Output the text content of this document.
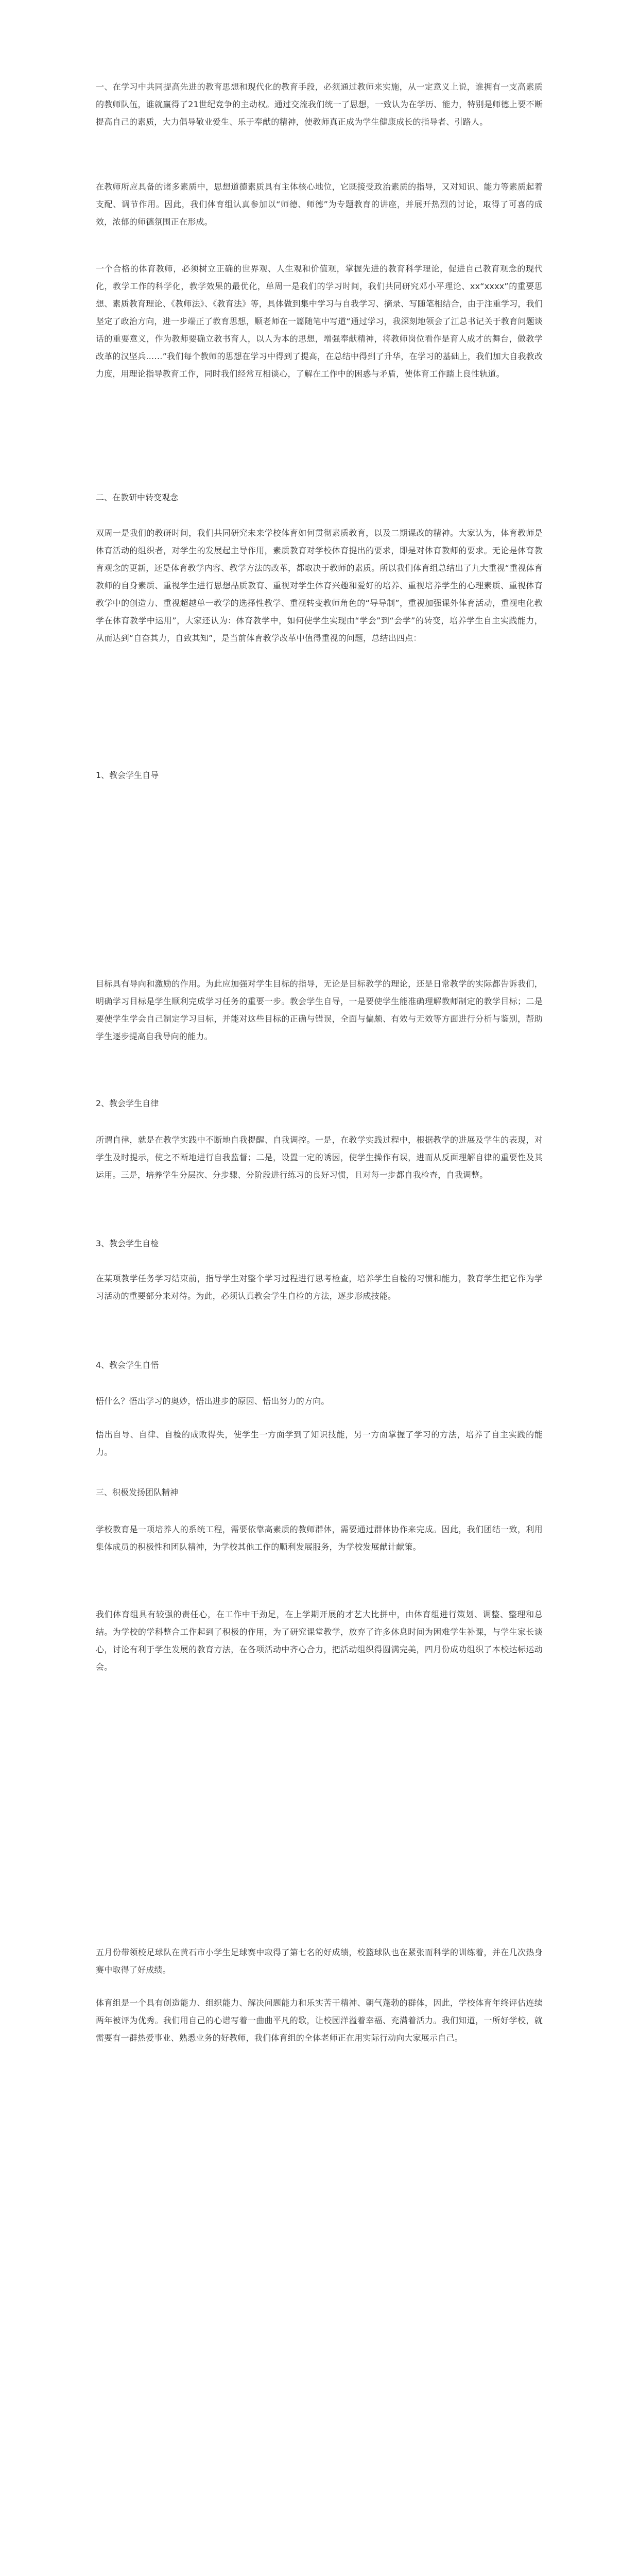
一、在学习中共同提高先进的教育思想和现代化的教育手段，必须通过教师来实施，从一定意义上说，谁拥有一支高素质的教师队伍，谁就赢得了21世纪竞争的主动权。通过交流我们统一了思想，一致认为在学历、能力，特别是师德上要不断提高自己的素质，大力倡导敬业爱生、乐于奉献的精神，使教师真正成为学生健康成长的指导者、引路人。

在教师所应具备的诸多素质中，思想道德素质具有主体核心地位，它既接受政治素质的指导，又对知识、能力等素质起着支配、调节作用。因此，我们体育组认真参加以“师德、师德”为专题教育的讲座，并展开热烈的讨论，取得了可喜的成效，浓郁的师德氛围正在形成。

一个合格的体育教师，必须树立正确的世界观、人生观和价值观，掌握先进的教育科学理论，促进自己教育观念的现代化，教学工作的科学化，教学效果的最优化，单周一是我们的学习时间，我们共同研究邓小平理论、xx“xxxx”的重要思想、素质教育理论、《教师法》、《教育法》等，具体做到集中学习与自我学习、摘录、写随笔相结合，由于注重学习，我们坚定了政治方向，进一步端正了教育思想，顺老师在一篇随笔中写道“通过学习，我深刻地领会了江总书记关于教育问题谈话的重要意义，作为教师要确立教书育人，以人为本的思想，增强奉献精神，将教师岗位看作是育人成才的舞台，做教学改革的汉坚兵……”我们每个教师的思想在学习中得到了提高，在总结中得到了升华，在学习的基础上，我们加大自我教改力度，用理论指导教育工作，同时我们经常互相谈心，了解在工作中的困惑与矛盾，使体育工作踏上良性轨道。

二、在教研中转变观念

双周一是我们的教研时间，我们共同研究未来学校体育如何贯彻素质教育，以及二期课改的精神。大家认为，体育教师是体育活动的组织者，对学生的发展起主导作用，素质教育对学校体育提出的要求，即是对体育教师的要求。无论是体育教育观念的更新，还是体育教学内容、教学方法的改革，都取决于教师的素质。所以我们体育组总结出了九大重视“重视体育教师的自身素质、重视学生进行思想品质教育、重视对学生体育兴趣和爱好的培养、重视培养学生的心理素质、重视体育教学中的创造力、重视超越单一教学的选择性教学、重视转变教师角色的“导导制”，重视加强课外体育活动，重视电化教学在体育教学中运用”，大家还认为：体育教学中，如何使学生实现由“学会”到“会学”的转变，培养学生自主实践能力，从而达到“自奋其力，自致其知”，是当前体育教学改革中值得重视的问题，总结出四点：

1、教会学生自导

目标具有导向和激励的作用。为此应加强对学生目标的指导，无论是目标教学的理论，还是日常教学的实际都告诉我们，明确学习目标是学生顺利完成学习任务的重要一步。教会学生自导，一是要使学生能准确理解教师制定的教学目标；二是要使学生学会自己制定学习目标，并能对这些目标的正确与错误，全面与偏颇、有效与无效等方面进行分析与鉴别，帮助学生逐步提高自我导向的能力。

2、教会学生自律

所谓自律，就是在教学实践中不断地自我提醒、自我调控。一是，在教学实践过程中，根据教学的进展及学生的表现，对学生及时提示，使之不断地进行自我监督；二是，设置一定的诱因，使学生操作有误，进而从反面理解自律的重要性及其运用。三是，培养学生分层次、分步骤、分阶段进行练习的良好习惯，且对每一步都自我检查，自我调整。

3、教会学生自检

在某项教学任务学习结束前，指导学生对整个学习过程进行思考检查，培养学生自检的习惯和能力，教育学生把它作为学习活动的重要部分来对待。为此，必须认真教会学生自检的方法，逐步形成技能。

4、教会学生自悟

悟什么？悟出学习的奥妙，悟出进步的原因、悟出努力的方向。

悟出自导、自律、自检的成败得失，使学生一方面学到了知识技能，另一方面掌握了学习的方法，培养了自主实践的能力。

三、积极发扬团队精神

学校教育是一项培养人的系统工程，需要依靠高素质的教师群体，需要通过群体协作来完成。因此，我们团结一致，利用集体成员的积极性和团队精神，为学校其他工作的顺利发展服务，为学校发展献计献策。

我们体育组具有较强的责任心，在工作中干劲足，在上学期开展的才艺大比拼中，由体育组进行策划、调整、整理和总结。为学校的学科整合工作起到了积极的作用，为了研究课堂教学，放弃了许多休息时间为困难学生补课，与学生家长谈心，讨论有利于学生发展的教育方法，在各项活动中齐心合力，把活动组织得圆满完美，四月份成功组织了本校达标运动会。

五月份带领校足球队在黄石市小学生足球赛中取得了第七名的好成绩，校篮球队也在紧张而科学的训练着，并在几次热身赛中取得了好成绩。

体育组是一个具有创造能力、组织能力、解决问题能力和乐实苦干精神、朝气蓬勃的群体，因此，学校体育年终评估连续两年被评为优秀。我们用自己的心谱写着一曲曲平凡的歌，让校园洋溢着幸福、充满着活力。我们知道，一所好学校，就需要有一群热爱事业、熟悉业务的好教师，我们体育组的全体老师正在用实际行动向大家展示自己。
